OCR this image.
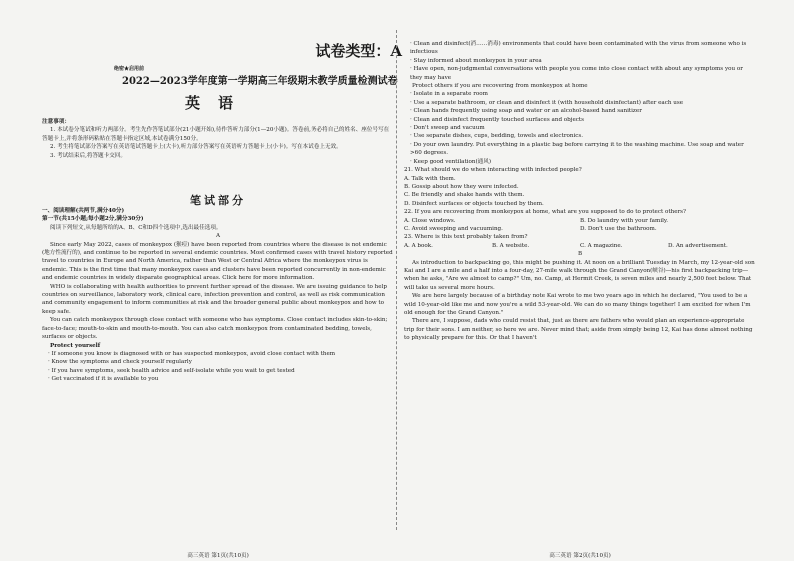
试卷类型：A
绝密★启用前
2022—2023学年度第一学期高三年级期末教学质量检测试卷
英语

注意事项：

1. 本试卷分笔试和听力两部分。考生先作答笔试部分(21小题开始),待作答听力部分(1—20小题)。答卷前,务必将自己的姓名、座位号写在答题卡上,并将条形码粘贴在答题卡指定区域,本试卷满分150分。

2. 考生将笔试部分答案写在英语笔试答题卡上(大卡),听力部分答案写在英语听力答题卡上(小卡)。写在本试卷上无效。

3. 考试结束后,将答题卡交回。

笔试部分

一、阅读理解(共两节,满分40分)

第一节(共15小题;每小题2分,满分30分)

阅读下列短文,从每题所给的A、B、C和D四个选项中,选出最佳选项。

A

Since early May 2022, cases of monkeypox (猴痘) have been reported from countries where the disease is not endemic (地方性流行的), and continue to be reported in several endemic countries. Most confirmed cases with travel history reported travel to countries in Europe and North America, rather than West or Central Africa where the monkeypox virus is endemic. This is the first time that many monkeypox cases and clusters have been reported concurrently in non-endemic and endemic countries in widely disparate geographical areas. Click here for more information.

WHO is collaborating with health authorities to prevent further spread of the disease. We are issuing guidance to help countries on surveillance, laboratory work, clinical care, infection prevention and control, as well as risk communication and community engagement to inform communities at risk and the broader general public about monkeypox and how to keep safe.

You can catch monkeypox through close contact with someone who has symptoms. Close contact includes skin-to-skin; face-to-face; mouth-to-skin and mouth-to-mouth. You can also catch monkeypox from contaminated bedding, towels, surfaces or objects.

Protect yourself

· If someone you know is diagnosed with or has suspected monkeypox, avoid close contact with them

· Know the symptoms and check yourself regularly

· If you have symptoms, seek health advice and self-isolate while you wait to get tested

· Get vaccinated if it is available to you

高三英语 第1页(共10页)

· Clean and disinfect(消……消毒) environments that could have been contaminated with the virus from someone who is infectious

· Stay informed about monkeypox in your area

· Have open, non-judgmental conversations with people you come into close contact with about any symptoms you or they may have

Protect others if you are recovering from monkeypox at home

· Isolate in a separate room

· Use a separate bathroom, or clean and disinfect it (with household disinfectant) after each use

· Clean hands frequently using soap and water or an alcohol-based hand sanitizer

· Clean and disinfect frequently touched surfaces and objects

· Don't sweep and vacuum

· Use separate dishes, cups, bedding, towels and electronics.

· Do your own laundry. Put everything in a plastic bag before carrying it to the washing machine. Use soap and water >60 degrees.

· Keep good ventilation(通风)

21. What should we do when interacting with infected people?

A. Talk with them.

B. Gossip about how they were infected.

C. Be friendly and shake hands with them.

D. Disinfect surfaces or objects touched by them.

22. If you are recovering from monkeypox at home, what are you supposed to do to protect others?

A. Close windows.	B. Do laundry with your family.

C. Avoid sweeping and vacuuming.	D. Don't use the bathroom.

23. Where is this text probably taken from?

A. A book.	B. A website.	C. A magazine.	D. An advertisement.

B

As introduction to backpacking go, this might be pushing it. At noon on a brilliant Tuesday in March, my 12-year-old son Kai and I are a mile and a half into a four-day, 27-mile walk through the Grand Canyon(峡谷)—his first backpacking trip—when he asks, "Are we almost to camp?" Um, no. Camp, at Hermit Creek, is seven miles and nearly 2,500 feet below. That will take us several more hours.

We are here largely because of a birthday note Kai wrote to me two years ago in which he declared, "You used to be a wild 10-year-old like me and now you're a wild 53-year-old. We can do so many things together! I am excited for when I'm old enough for the Grand Canyon."

There are, I suppose, dads who could resist that, just as there are fathers who would plan an experience-appropriate trip for their sons. I am neither, so here we are. Never mind that; aside from simply being 12, Kai has done almost nothing to physically prepare for this. Or that I haven't

高三英语 第2页(共10页)
